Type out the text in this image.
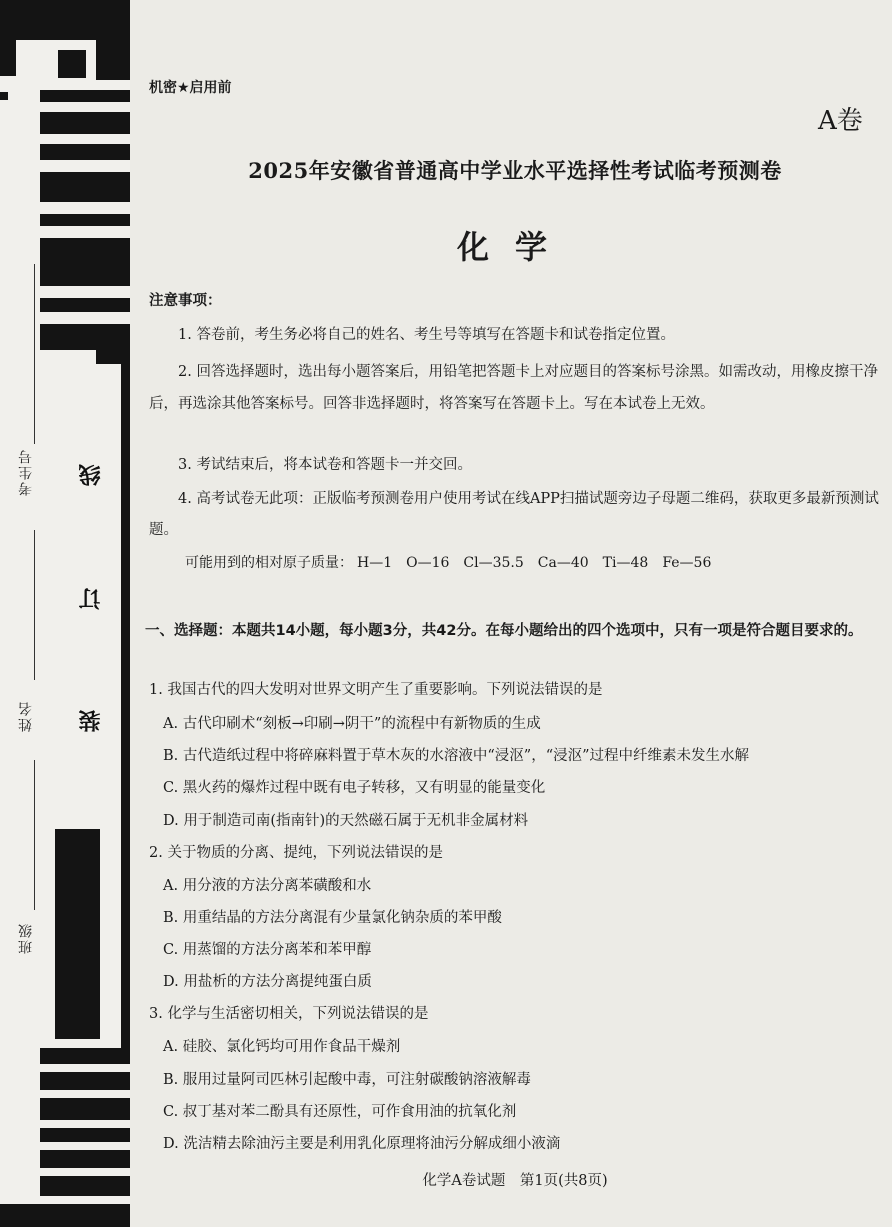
考生号
姓名
班级
线
订
装
机密★启用前
A卷
2025年安徽省普通高中学业水平选择性考试临考预测卷
化学
注意事项：
1. 答卷前，考生务必将自己的姓名、考生号等填写在答题卡和试卷指定位置。
2. 回答选择题时，选出每小题答案后，用铅笔把答题卡上对应题目的答案标号涂黑。如需改动，用橡皮擦干净后，再选涂其他答案标号。回答非选择题时，将答案写在答题卡上。写在本试卷上无效。
3. 考试结束后，将本试卷和答题卡一并交回。
4. 高考试卷无此项：正版临考预测卷用户使用考试在线APP扫描试题旁边子母题二维码，获取更多最新预测试题。
可能用到的相对原子质量： H—1 O—16 Cl—35.5 Ca—40 Ti—48 Fe—56
一、选择题：本题共14小题，每小题3分，共42分。在每小题给出的四个选项中，只有一项是符合题目要求的。
1. 我国古代的四大发明对世界文明产生了重要影响。下列说法错误的是
A. 古代印刷术“刻板→印刷→阴干”的流程中有新物质的生成
B. 古代造纸过程中将碎麻料置于草木灰的水溶液中“浸沤”，“浸沤”过程中纤维素未发生水解
C. 黑火药的爆炸过程中既有电子转移，又有明显的能量变化
D. 用于制造司南(指南针)的天然磁石属于无机非金属材料
2. 关于物质的分离、提纯，下列说法错误的是
A. 用分液的方法分离苯磺酸和水
B. 用重结晶的方法分离混有少量氯化钠杂质的苯甲酸
C. 用蒸馏的方法分离苯和苯甲醇
D. 用盐析的方法分离提纯蛋白质
3. 化学与生活密切相关，下列说法错误的是
A. 硅胶、氯化钙均可用作食品干燥剂
B. 服用过量阿司匹林引起酸中毒，可注射碳酸钠溶液解毒
C. 叔丁基对苯二酚具有还原性，可作食用油的抗氧化剂
D. 洗洁精去除油污主要是利用乳化原理将油污分解成细小液滴
化学A卷试题　第1页(共8页)
